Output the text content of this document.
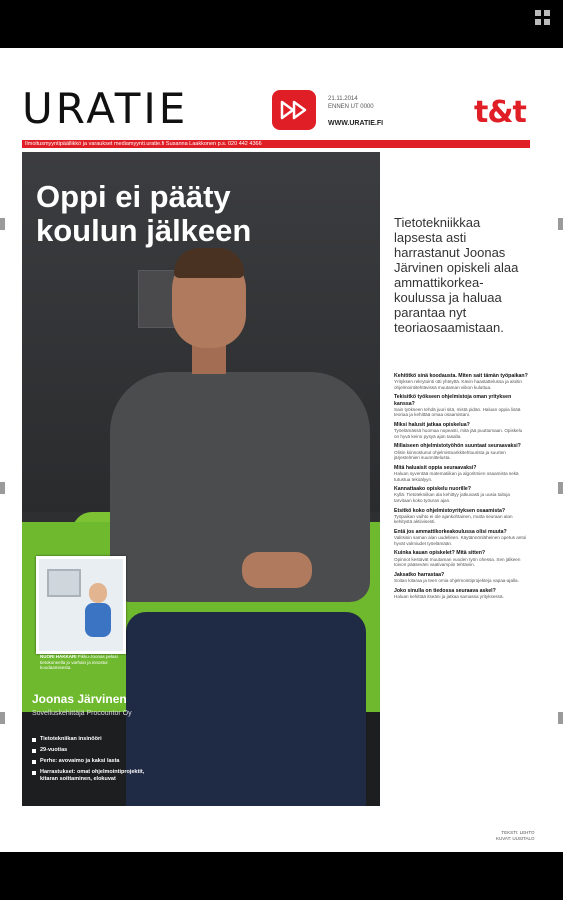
URATIE	21.11.2014
ENNEN UT 0000
WWW.URATIE.FI	t&t
Ilmoitusmyyntipäällikkö ja varaukset mediamyynti.uratie.fi Susanna Laakkonen p.s. 020 442 4366
Oppi ei pääty koulun jälkeen
NUORI HAKKARI Pikku-Joonas pelasi tietokoneella jo varhain ja innostui koodaamisesta.
Joonas Järvinen
Sovelluskehittäjä Procountor Oy
Tietotekniikan insinööri
29-vuotias
Perhe: avovaimo ja kaksi lasta
Harrastukset: omat ohjelmointiprojektit, kitaran soittaminen, elokuvat
Tietotekniikkaa lapsesta asti harrastanut Joonas Järvinen opiskeli alaa ammattikorkea-koulussa ja haluaa parantaa nyt teoriaosaamistaan.

Kehititkö sinä koodausta. Miten sait tämän työpaikan?

Yrityksen rekrytointi otti yhteyttä. Kävin haastattelussa ja aloitin ohjelmointitehtävissä muutaman viikon kuluttua.

Tekisitkö työkseen ohjelmistoja oman yrityksen kanssa?

Sain työkseen tehdä juuri sitä, mistä pidän. Haluan oppia lisää teoriaa ja kehittää omaa osaamistani.

Miksi halusit jatkaa opiskelua?

Työelämässä huomaa nopeasti, mitä jää puuttumaan. Opiskelu on hyvä keino pysyä ajan tasalla.

Millaiseen ohjelmistotyöhön suuntaat seuraavaksi?

Olisin kiinnostunut ohjelmistoarkkitehtuurista ja suurten järjestelmien suunnittelusta.

Mitä haluaisit oppia seuraavaksi?

Haluan syventää matematiikan ja algoritmien osaamista sekä tutustua tekoälyyn.

Kannattaako opiskelu nuorille?

Kyllä. Tietotekniikan ala kehittyy jatkuvasti ja uusia taitoja tarvitaan koko työuran ajan.

Etsitkö koko ohjelmistoyrityksen osaamista?

Työpaikan vaihto ei ole ajankohtainen, mutta seuraan alan kehitystä aktiivisesti.

Entä jos ammattikorkeakoulussa olisi muuta?

Valitsisin saman alan uudelleen. Käytännönläheinen opetus antoi hyvät valmiudet työelämään.

Kuinka kauan opiskelet? Mitä sitten?

Opinnot kestävät muutaman vuoden työn ohessa. Sen jälkeen toivon pääseväni vaativampiin tehtäviin.

Jaksatko harrastaa?

Soitan kitaraa ja teen omia ohjelmointiprojekteja vapaa-ajalla.

Joko sinulla on tiedossa seuraava askel?

Haluan kehittää itseäni ja jatkaa samassa yrityksessä.

TEKSTI: LEHTO
KUVAT: UUSITALO
